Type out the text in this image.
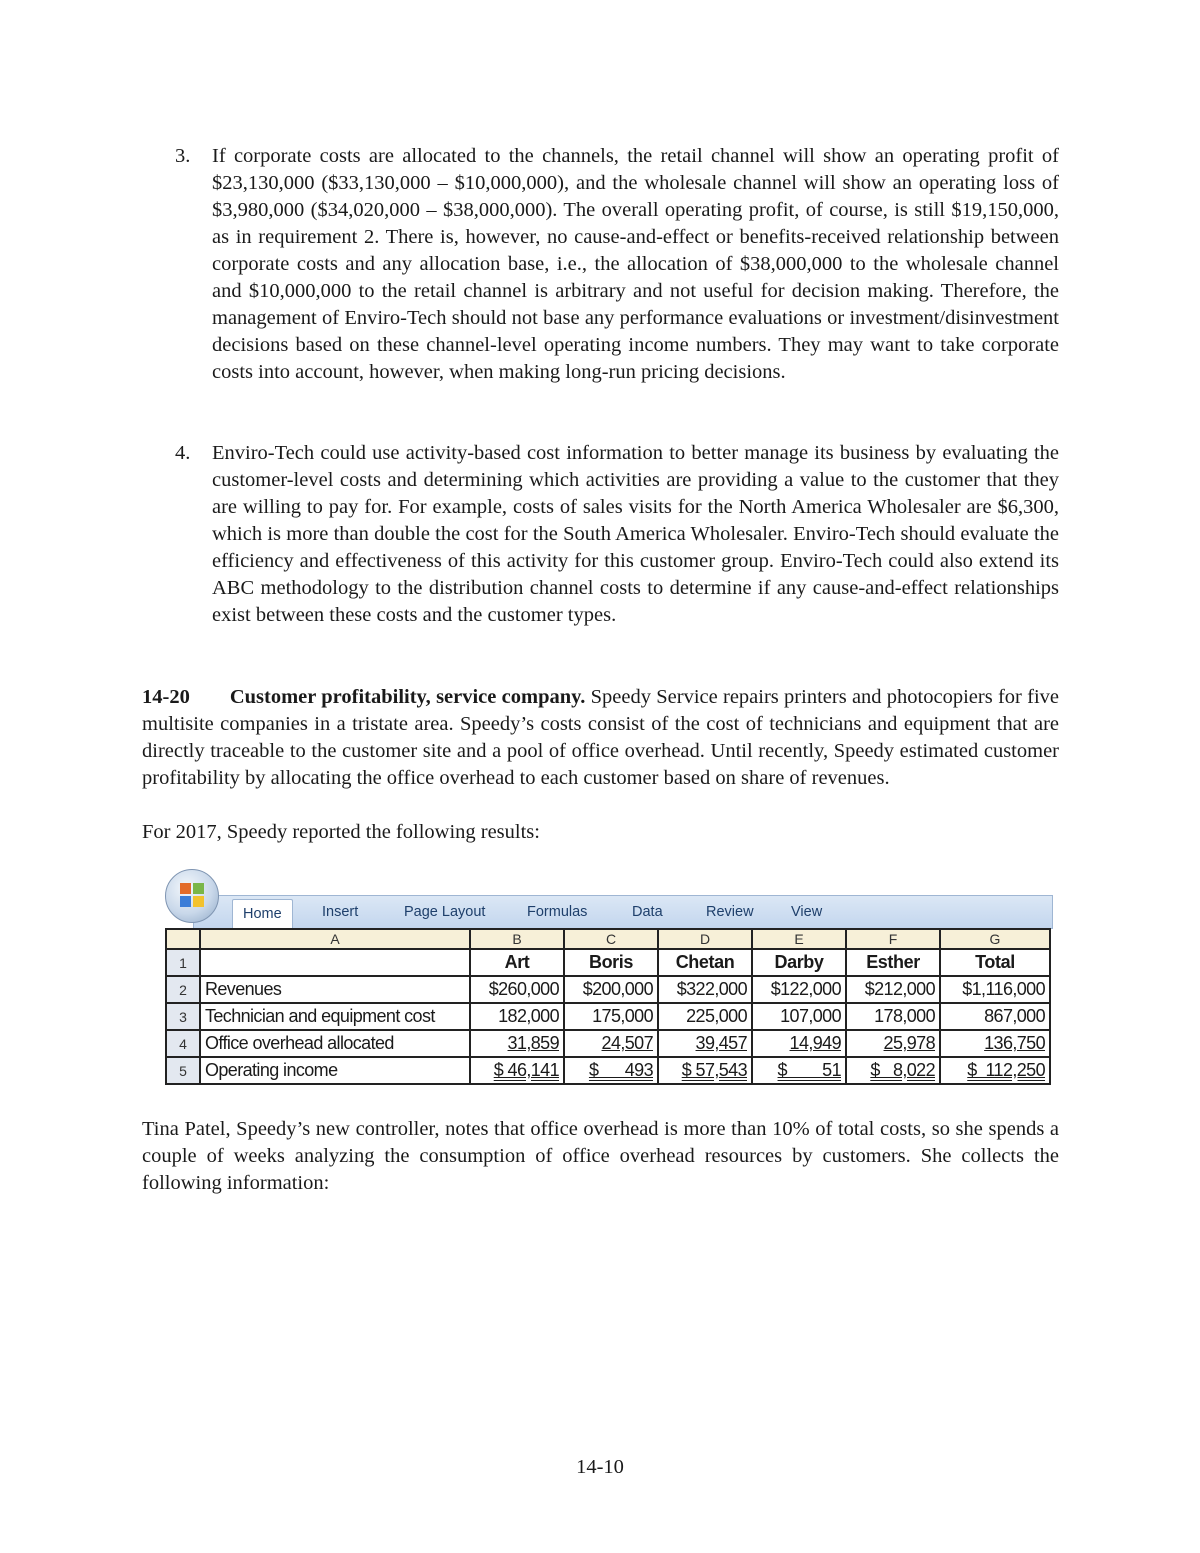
3. If corporate costs are allocated to the channels, the retail channel will show an operating profit of $23,130,000 ($33,130,000 – $10,000,000), and the wholesale channel will show an operating loss of $3,980,000 ($34,020,000 – $38,000,000). The overall operating profit, of course, is still $19,150,000, as in requirement 2. There is, however, no cause-and-effect or benefits-received relationship between corporate costs and any allocation base, i.e., the allocation of $38,000,000 to the wholesale channel and $10,000,000 to the retail channel is arbitrary and not useful for decision making. Therefore, the management of Enviro-Tech should not base any performance evaluations or investment/disinvestment decisions based on these channel-level operating income numbers. They may want to take corporate costs into account, however, when making long-run pricing decisions.
4. Enviro-Tech could use activity-based cost information to better manage its business by evaluating the customer-level costs and determining which activities are providing a value to the customer that they are willing to pay for. For example, costs of sales visits for the North America Wholesaler are $6,300, which is more than double the cost for the South America Wholesaler. Enviro-Tech should evaluate the efficiency and effectiveness of this activity for this customer group. Enviro-Tech could also extend its ABC methodology to the distribution channel costs to determine if any cause-and-effect relationships exist between these costs and the customer types.
14-20 Customer profitability, service company. Speedy Service repairs printers and photocopiers for five multisite companies in a tristate area. Speedy’s costs consist of the cost of technicians and equipment that are directly traceable to the customer site and a pool of office overhead. Until recently, Speedy estimated customer profitability by allocating the office overhead to each customer based on share of revenues.
For 2017, Speedy reported the following results:
Home	Insert	Page Layout	Formulas	Data	Review	View
	A	B	C	D	E	F	G
1		Art	Boris	Chetan	Darby	Esther	Total
2	Revenues	$260,000	$200,000	$322,000	$122,000	$212,000	$1,116,000
3	Technician and equipment cost	182,000	175,000	225,000	107,000	178,000	867,000
4	Office overhead allocated	31,859	24,507	39,457	14,949	25,978	136,750
5	Operating income	$ 46,141	$      493	$ 57,543	$        51	$   8,022	$  112,250
Tina Patel, Speedy’s new controller, notes that office overhead is more than 10% of total costs, so she spends a couple of weeks analyzing the consumption of office overhead resources by customers. She collects the following information:
14-10
